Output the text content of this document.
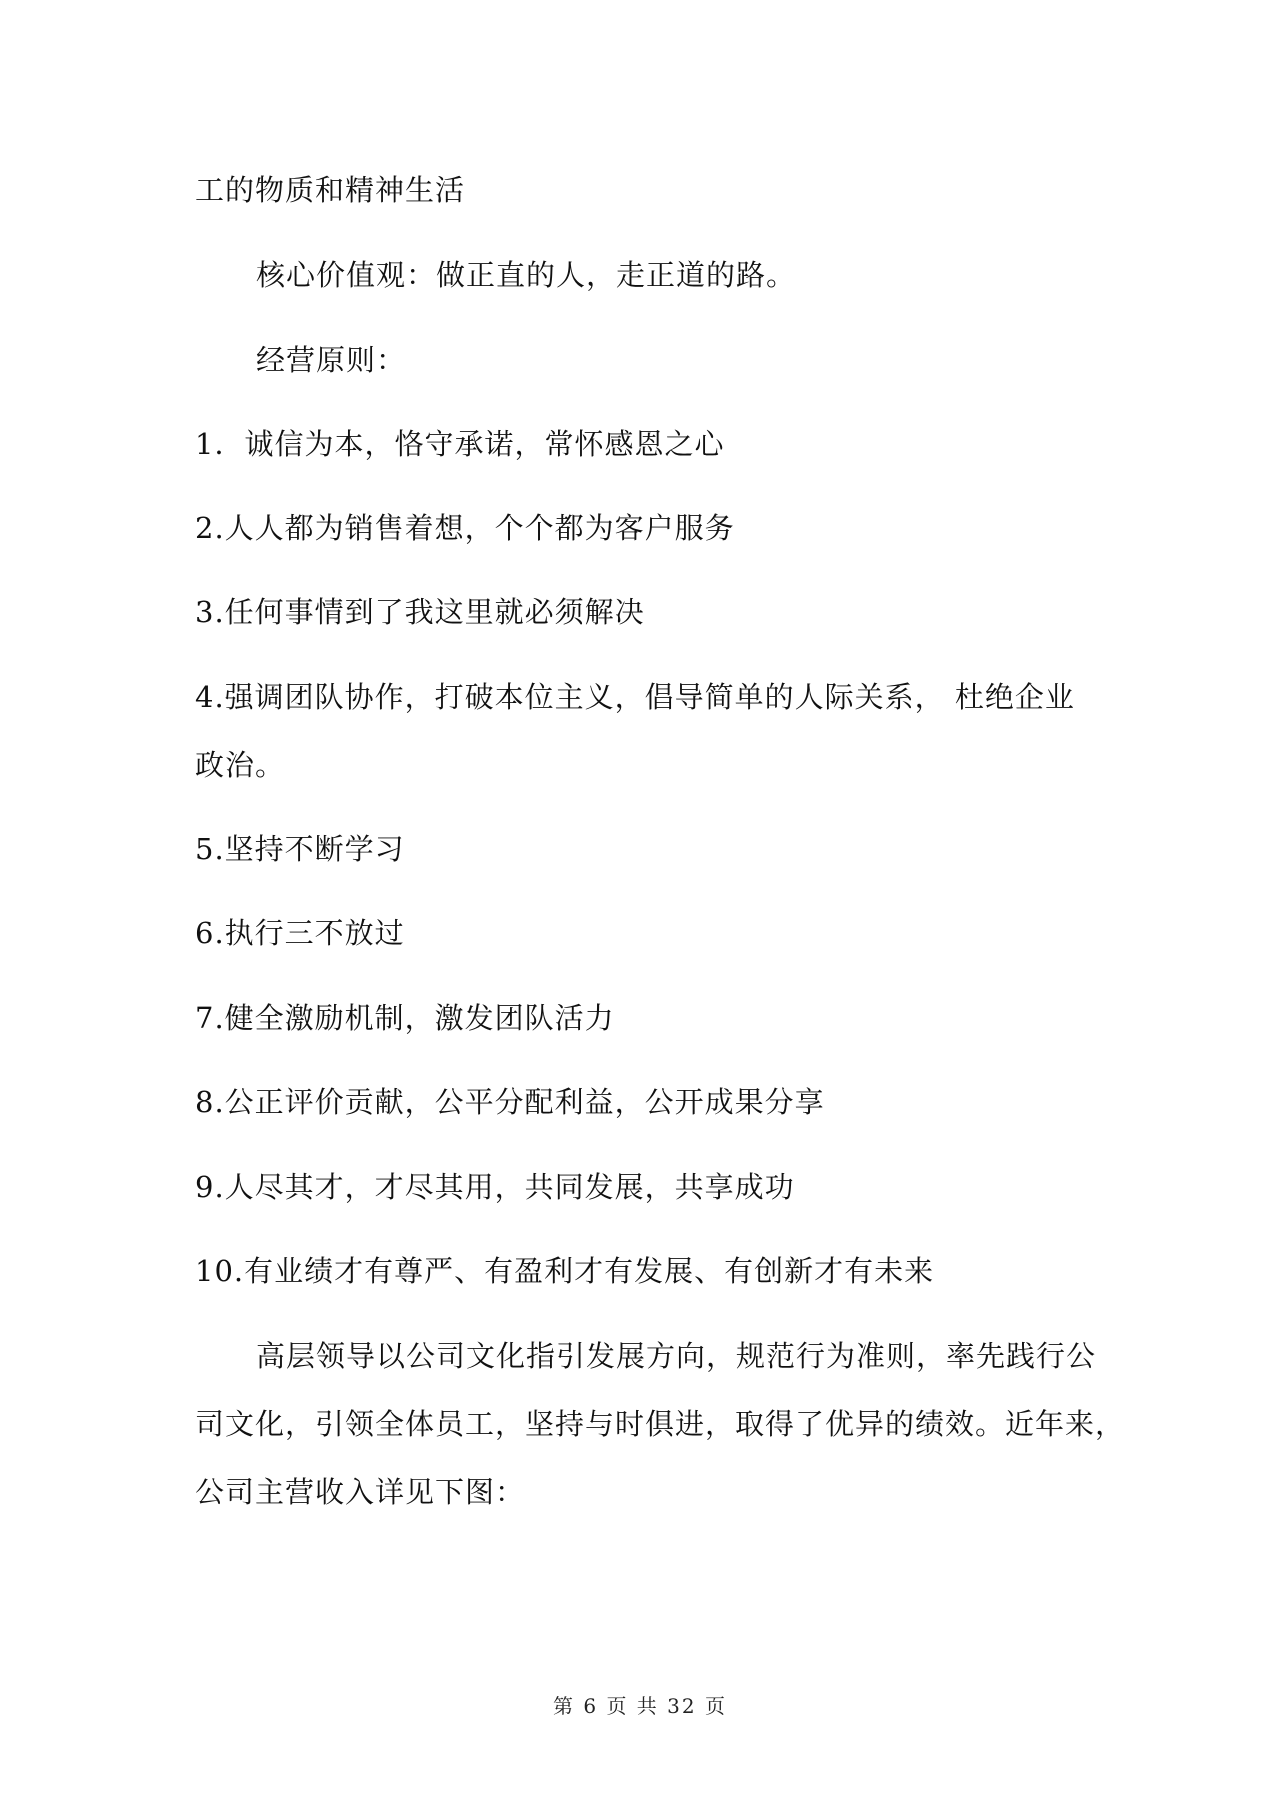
工的物质和精神生活
核心价值观：做正直的人，走正道的路。
经营原则：
1．诚信为本，恪守承诺，常怀感恩之心
2.人人都为销售着想，个个都为客户服务
3.任何事情到了我这里就必须解决
4.强调团队协作，打破本位主义，倡导简单的人际关系， 杜绝企业
政治。
5.坚持不断学习
6.执行三不放过
7.健全激励机制，激发团队活力
8.公正评价贡献，公平分配利益，公开成果分享
9.人尽其才，才尽其用，共同发展，共享成功
10.有业绩才有尊严、有盈利才有发展、有创新才有未来
高层领导以公司文化指引发展方向，规范行为准则，率先践行公
司文化，引领全体员工，坚持与时俱进，取得了优异的绩效。近年来，
公司主营收入详见下图：
第 6 页 共 32 页
